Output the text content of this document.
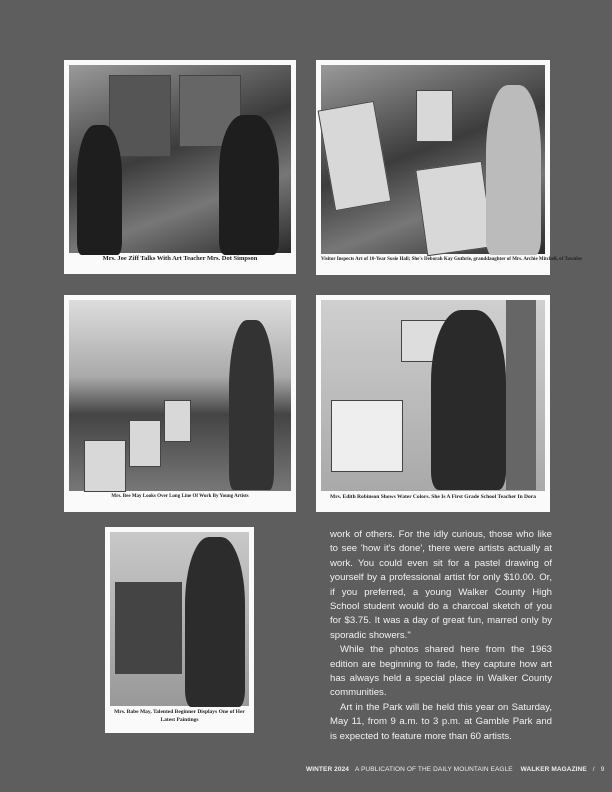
Mrs. Joe Ziff Talks With Art Teacher Mrs. Dot Simpson	Visitor Inspects Art of 10-Year Susie Hall; She's Deborah Kay Guthrie, granddaughter of Mrs. Archie Mitchell, of Townley
Mrs. Bee May Looks Over Long Line Of Work By Young Artists	Mrs. Edith Robinson Shows Water Colors. She Is A First Grade School Teacher In Dora
Mrs. Babe May, Talented Beginner Displays One of Her Latest Paintings

work of others. For the idly curious, those who like to see 'how it's done', there were artists actually at work. You could even sit for a pastel drawing of yourself by a professional artist for only $10.00. Or, if you preferred, a young Walker County High School student would do a charcoal sketch of you for $3.75. It was a day of great fun, marred only by sporadic showers."

While the photos shared here from the 1963 edition are beginning to fade, they capture how art has always held a special place in Walker County communities.

Art in the Park will be held this year on Saturday, May 11, from 9 a.m. to 3 p.m. at Gamble Park and is expected to feature more than 60 artists.

WINTER 2024 A PUBLICATION OF THE DAILY MOUNTAIN EAGLE WALKER MAGAZINE / 9
